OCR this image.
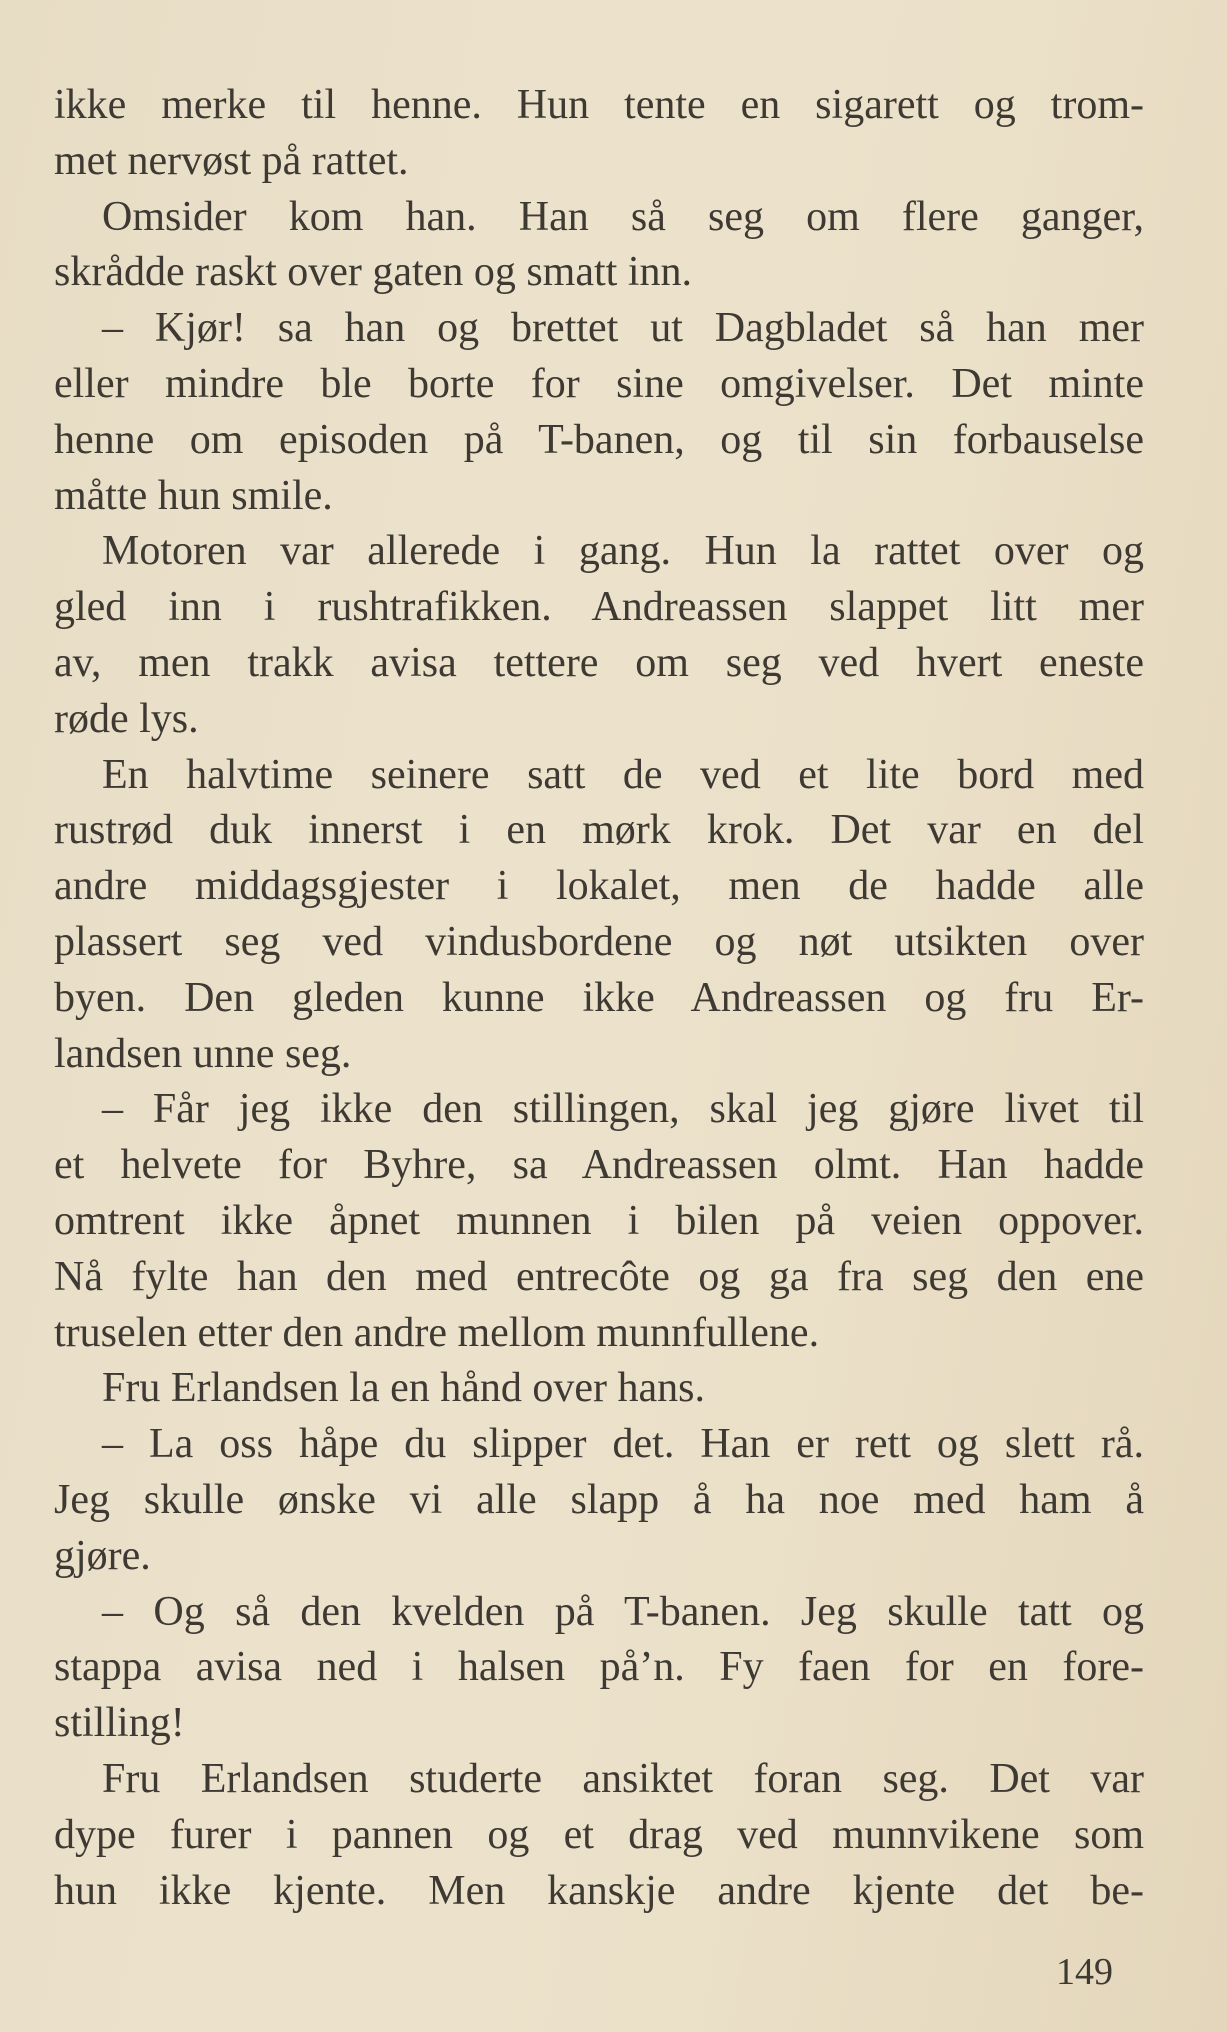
ikke merke til henne. Hun tente en sigarett og trom-
met nervøst på rattet.
Omsider kom han. Han så seg om flere ganger,
skrådde raskt over gaten og smatt inn.
– Kjør! sa han og brettet ut Dagbladet så han mer
eller mindre ble borte for sine omgivelser. Det minte
henne om episoden på T-banen, og til sin forbauselse
måtte hun smile.
Motoren var allerede i gang. Hun la rattet over og
gled inn i rushtrafikken. Andreassen slappet litt mer
av, men trakk avisa tettere om seg ved hvert eneste
røde lys.
En halvtime seinere satt de ved et lite bord med
rustrød duk innerst i en mørk krok. Det var en del
andre middagsgjester i lokalet, men de hadde alle
plassert seg ved vindusbordene og nøt utsikten over
byen. Den gleden kunne ikke Andreassen og fru Er-
landsen unne seg.
– Får jeg ikke den stillingen, skal jeg gjøre livet til
et helvete for Byhre, sa Andreassen olmt. Han hadde
omtrent ikke åpnet munnen i bilen på veien oppover.
Nå fylte han den med entrecôte og ga fra seg den ene
truselen etter den andre mellom munnfullene.
Fru Erlandsen la en hånd over hans.
– La oss håpe du slipper det. Han er rett og slett rå.
Jeg skulle ønske vi alle slapp å ha noe med ham å
gjøre.
– Og så den kvelden på T-banen. Jeg skulle tatt og
stappa avisa ned i halsen på’n. Fy faen for en fore-
stilling!
Fru Erlandsen studerte ansiktet foran seg. Det var
dype furer i pannen og et drag ved munnvikene som
hun ikke kjente. Men kanskje andre kjente det be-
149
